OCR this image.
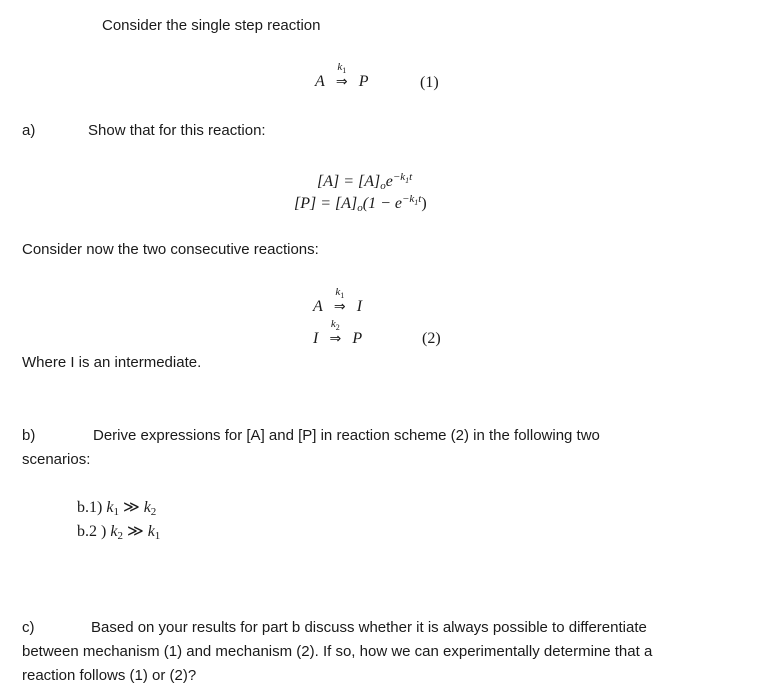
Consider the single step reaction
A
$k_1$
⇒ P	(1)
a)	Show that for this reaction:
$[A] = [A]oe^{-k_1t}$
$[P] = [A]o(1 - e^{-k_1t})$
Consider now the two consecutive reactions:
A
$k_1$
⇒ I
I
$k_2$
⇒ P	(2)
Where I is an intermediate.
b)	Derive expressions for [A] and [P] in reaction scheme (2) in the following two
scenarios:
b.1) k1 ≫ k2
b.2 ) k2 ≫ k1
c)	Based on your results for part b discuss whether it is always possible to differentiate
between mechanism (1) and mechanism (2). If so, how we can experimentally determine that a
reaction follows (1) or (2)?
